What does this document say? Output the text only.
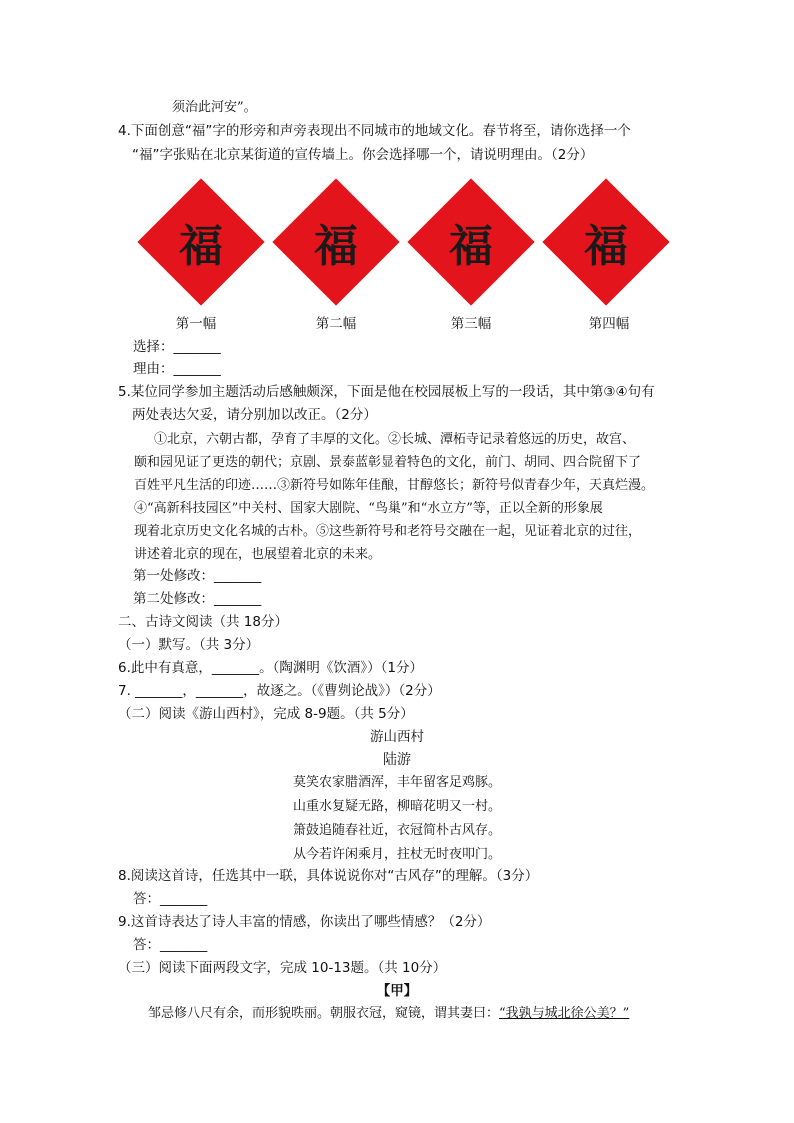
须治此河安”。
4.下面创意“福”字的形旁和声旁表现出不同城市的地域文化。春节将至，请你选择一个
“福”字张贴在北京某街道的宣传墙上。你会选择哪一个，请说明理由。（2分）
福	福	福	福
第一幅	第二幅	第三幅	第四幅
选择：_______
理由：_______
5.某位同学参加主题活动后感触颇深，下面是他在校园展板上写的一段话，其中第③④句有
两处表达欠妥，请分别加以改正。（2分）
①北京，六朝古都，孕育了丰厚的文化。②长城、潭柘寺记录着悠远的历史，故宫、
颐和园见证了更迭的朝代；京剧、景泰蓝彰显着特色的文化，前门、胡同、四合院留下了
百姓平凡生活的印迹……③新符号如陈年佳酿，甘醇悠长；新符号似青春少年，天真烂漫。
④“高新科技园区”中关村、国家大剧院、“鸟巢”和“水立方”等，正以全新的形象展
现着北京历史文化名城的古朴。⑤这些新符号和老符号交融在一起，见证着北京的过往，
讲述着北京的现在，也展望着北京的未来。
第一处修改：_______
第二处修改：_______
二、古诗文阅读（共 18分）
（一）默写。（共 3分）
6.此中有真意，_______。（陶渊明《饮酒》）（1分）
7. _______，_______，故逐之。（《曹刿论战》）（2分）
（二）阅读《游山西村》，完成 8-9题。（共 5分）
游山西村
陆游
莫笑农家腊酒浑，丰年留客足鸡豚。
山重水复疑无路，柳暗花明又一村。
箫鼓追随春社近，衣冠简朴古风存。
从今若许闲乘月，拄杖无时夜叩门。
8.阅读这首诗，任选其中一联，具体说说你对“古风存”的理解。（3分）
答：_______
9.这首诗表达了诗人丰富的情感，你读出了哪些情感？（2分）
答：_______
（三）阅读下面两段文字，完成 10-13题。（共 10分）
【甲】
邹忌修八尺有余，而形貌昳丽。朝服衣冠，窥镜，谓其妻曰：“我孰与城北徐公美？”
